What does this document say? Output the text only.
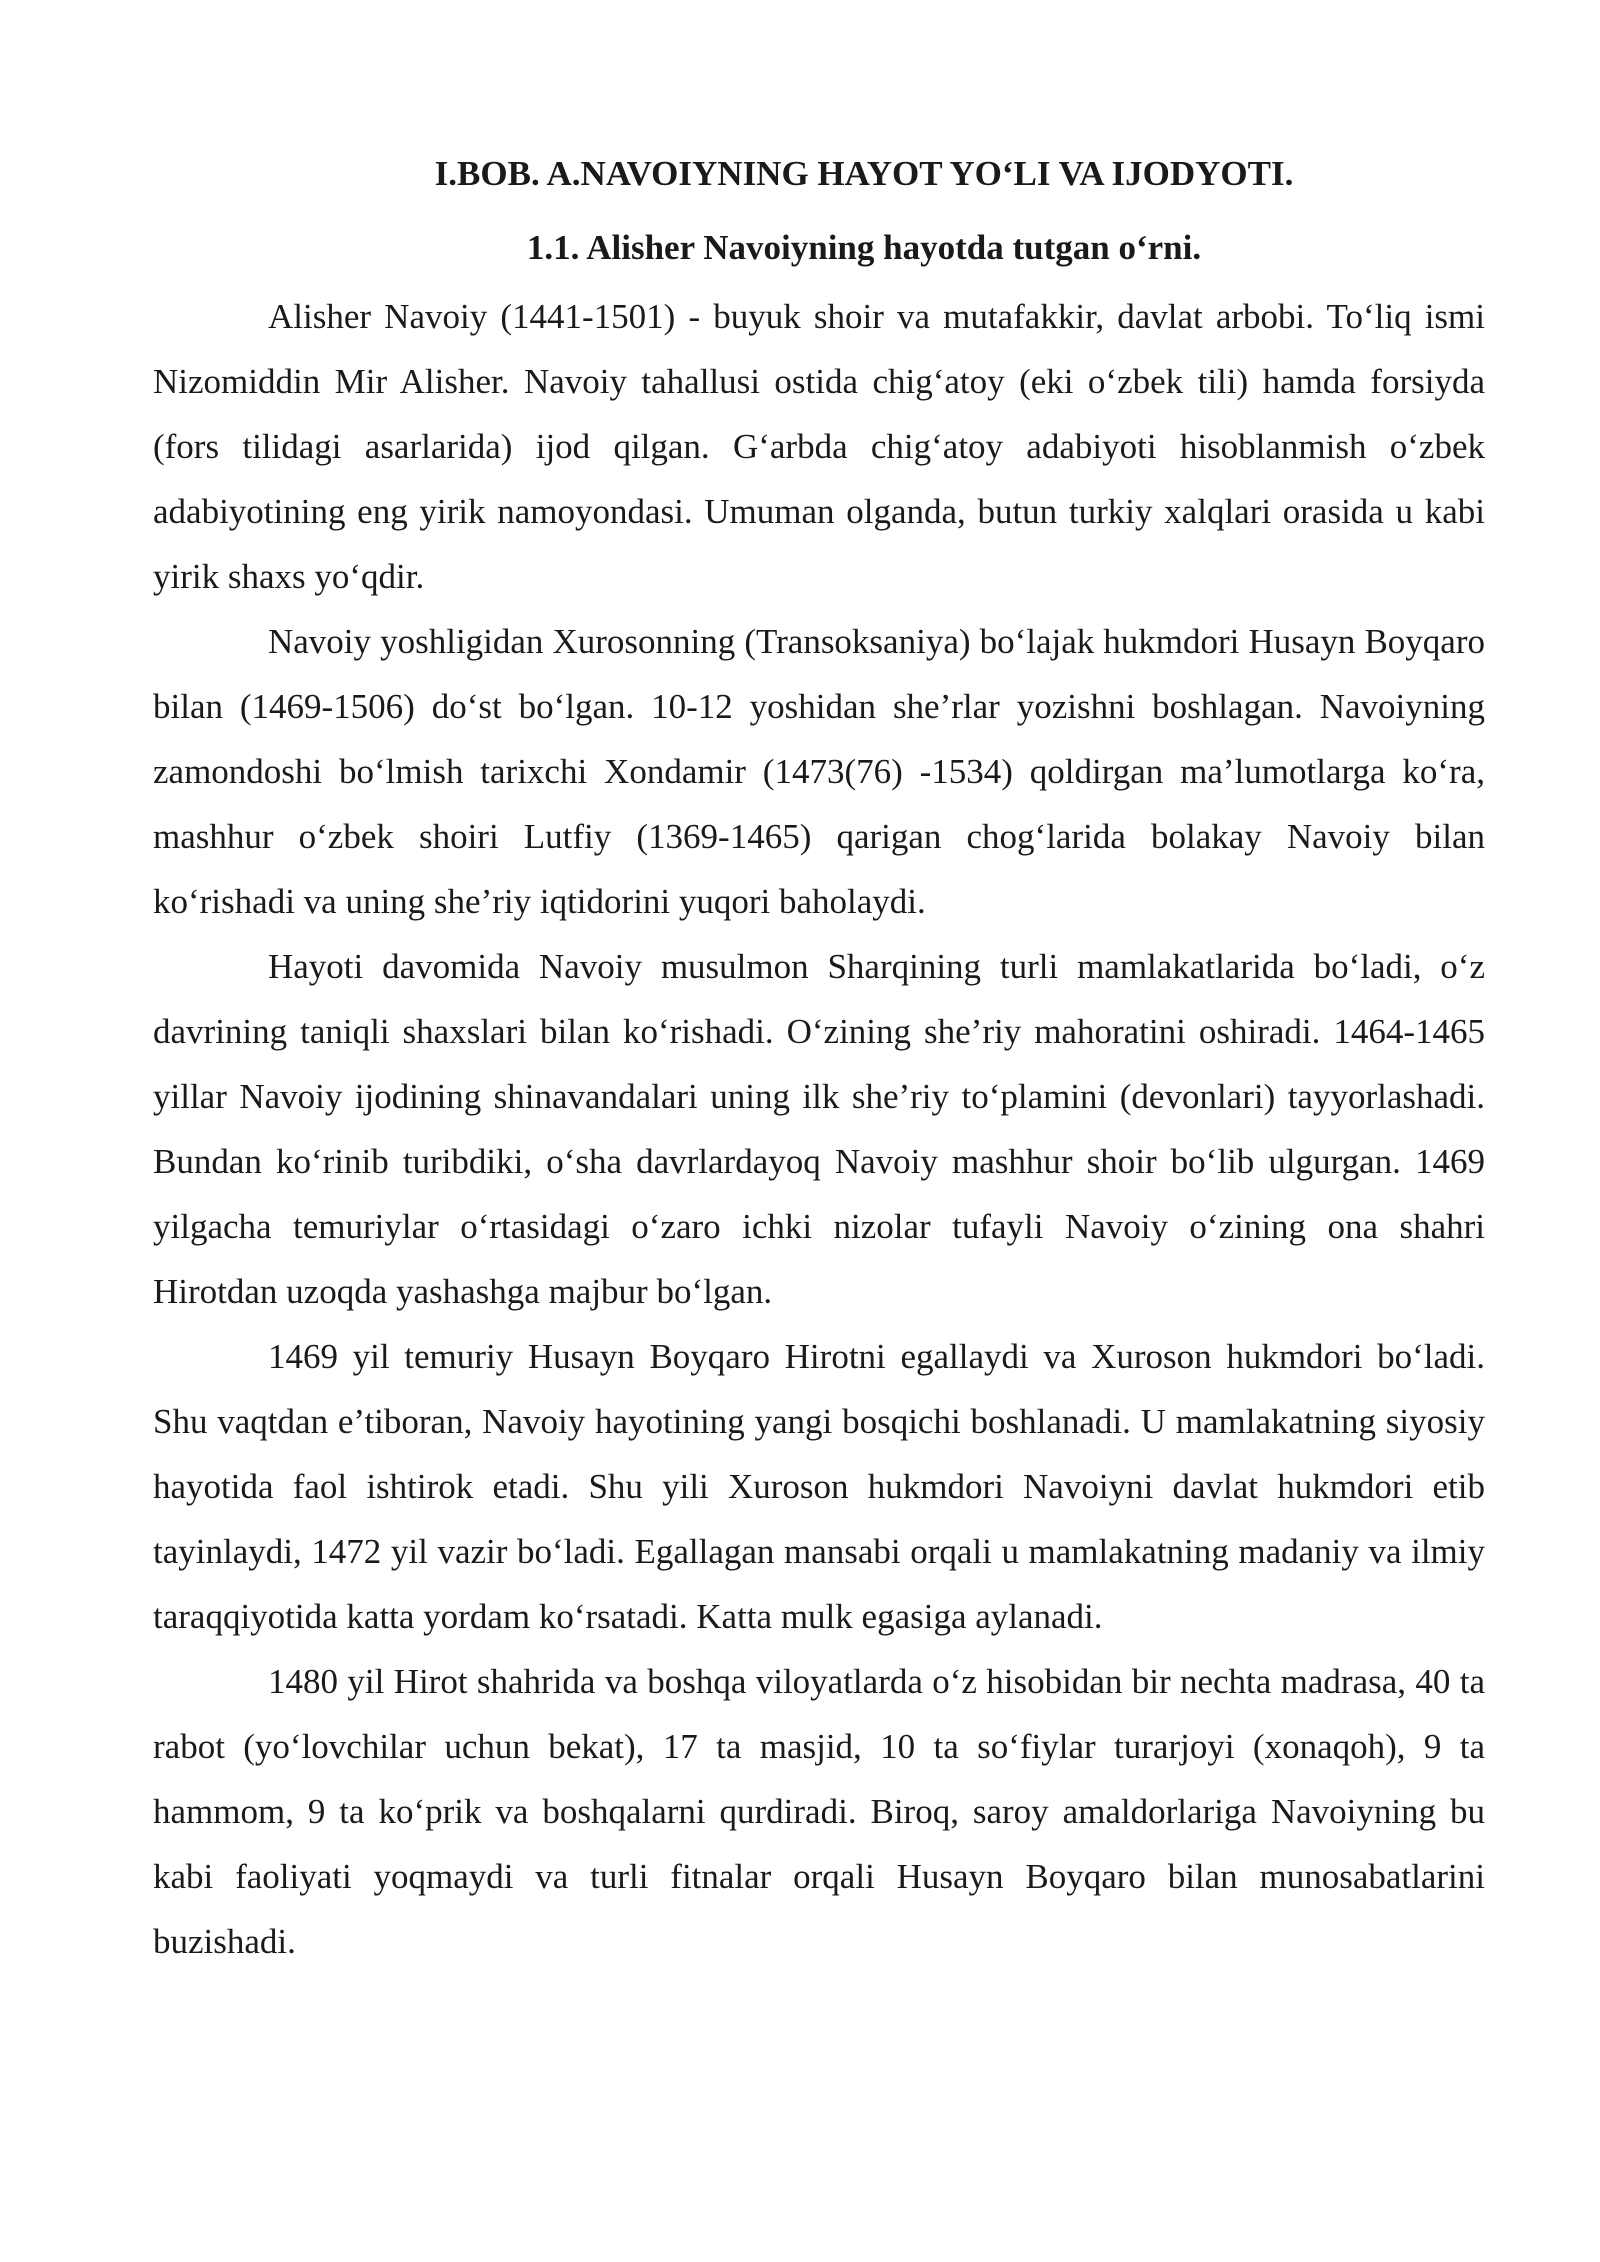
I.BOB. A.NAVOIYNING HAYOT YO‘LI VA IJODYOTI.
1.1. Alisher Navoiyning hayotda tutgan o‘rni.

Alisher Navoiy (1441-1501) - buyuk shoir va mutafakkir, davlat arbobi. To‘liq ismi Nizomiddin Mir Alisher. Navoiy tahallusi ostida chig‘atoy (eki o‘zbek tili) hamda forsiyda (fors tilidagi asarlarida) ijod qilgan. G‘arbda chig‘atoy adabiyoti hisoblanmish o‘zbek adabiyotining eng yirik namoyondasi. Umuman olganda, butun turkiy xalqlari orasida u kabi yirik shaxs yo‘qdir.

Navoiy yoshligidan Xurosonning (Transoksaniya) bo‘lajak hukmdori Husayn Boyqaro bilan (1469-1506) do‘st bo‘lgan. 10-12 yoshidan she’rlar yozishni boshlagan. Navoiyning zamondoshi bo‘lmish tarixchi Xondamir (1473(76) -1534) qoldirgan ma’lumotlarga ko‘ra, mashhur o‘zbek shoiri Lutfiy (1369-1465) qarigan chog‘larida bolakay Navoiy bilan ko‘rishadi va uning she’riy iqtidorini yuqori baholaydi.

Hayoti davomida Navoiy musulmon Sharqining turli mamlakatlarida bo‘ladi, o‘z davrining taniqli shaxslari bilan ko‘rishadi. O‘zining she’riy mahoratini oshiradi. 1464-1465 yillar Navoiy ijodining shinavandalari uning ilk she’riy to‘plamini (devonlari) tayyorlashadi. Bundan ko‘rinib turibdiki, o‘sha davrlardayoq Navoiy mashhur shoir bo‘lib ulgurgan. 1469 yilgacha temuriylar o‘rtasidagi o‘zaro ichki nizolar tufayli Navoiy o‘zining ona shahri Hirotdan uzoqda yashashga majbur bo‘lgan.

1469 yil temuriy Husayn Boyqaro Hirotni egallaydi va Xuroson hukmdori bo‘ladi. Shu vaqtdan e’tiboran, Navoiy hayotining yangi bosqichi boshlanadi. U mamlakatning siyosiy hayotida faol ishtirok etadi. Shu yili Xuroson hukmdori Navoiyni davlat hukmdori etib tayinlaydi, 1472 yil vazir bo‘ladi. Egallagan mansabi orqali u mamlakatning madaniy va ilmiy taraqqiyotida katta yordam ko‘rsatadi. Katta mulk egasiga aylanadi.

1480 yil Hirot shahrida va boshqa viloyatlarda o‘z hisobidan bir nechta madrasa, 40 ta rabot (yo‘lovchilar uchun bekat), 17 ta masjid, 10 ta so‘fiylar turarjoyi (xonaqoh), 9 ta hammom, 9 ta ko‘prik va boshqalarni qurdiradi. Biroq, saroy amaldorlariga Navoiyning bu kabi faoliyati yoqmaydi va turli fitnalar orqali Husayn Boyqaro bilan munosabatlarini buzishadi.
